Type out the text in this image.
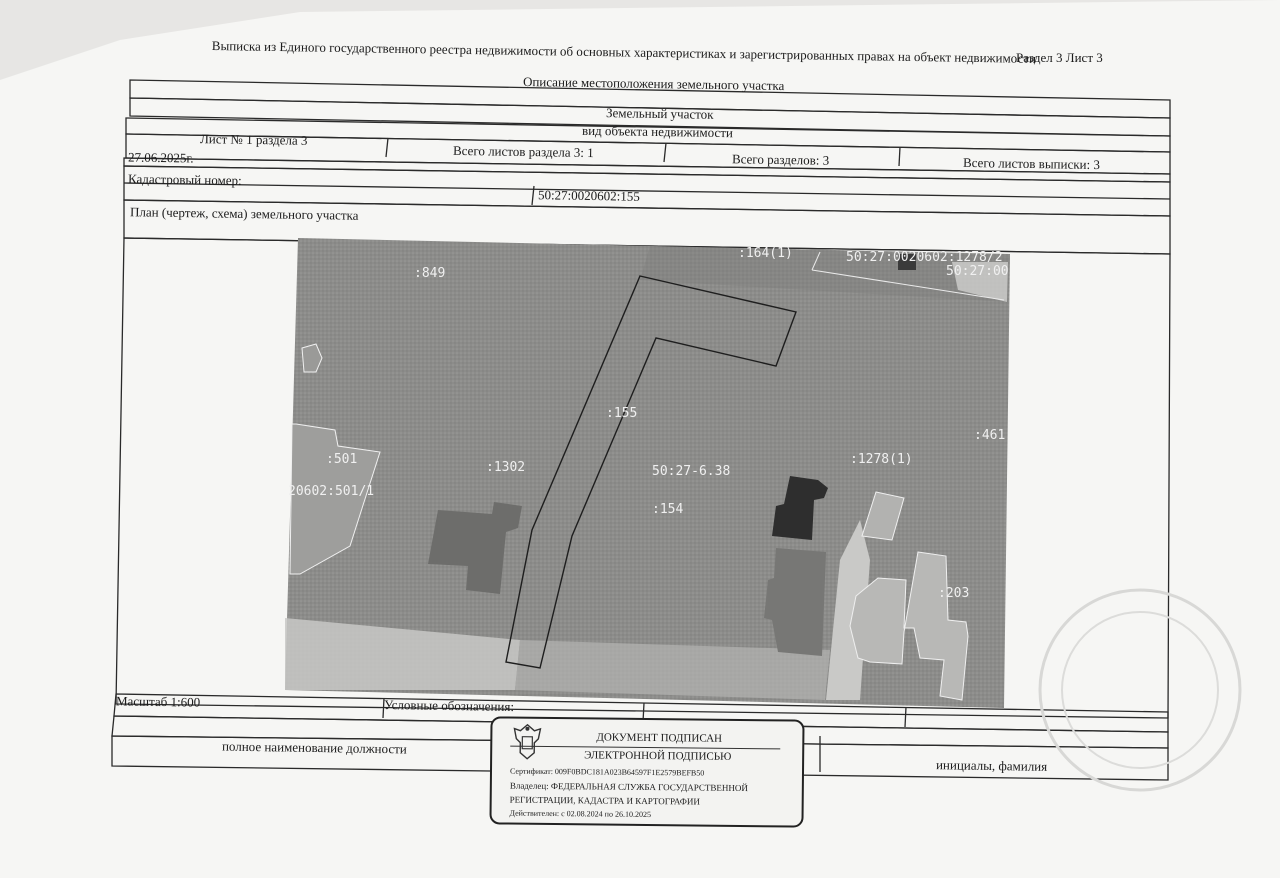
Выписка из Единого государственного реестра недвижимости об основных характеристиках и зарегистрированных правах на объект недвижимости
Раздел 3 Лист 3
Описание местоположения земельного участка
Земельный участок
вид объекта недвижимости
Лист № 1 раздела 3
Всего листов раздела 3: 1	Всего разделов: 3	Всего листов выписки: 3
27.06.2025г.
Кадастровый номер:
50:27:0020602:155
План (чертеж, схема) земельного участка
:849
:155
:501
20602:501/1
:1302	50:27-6.38
:154
:1278(1)
:461
:203
:164(1)	50:27:0020602:1278/2
50:27:00
Масштаб 1:600	Условные обозначения:
полное наименование должности
инициалы, фамилия
ДОКУМЕНТ ПОДПИСАН
ЭЛЕКТРОННОЙ ПОДПИСЬЮ
Сертификат: 009F0BDC181A023B64597F1E2579BEFB50
Владелец: ФЕДЕРАЛЬНАЯ СЛУЖБА ГОСУДАРСТВЕННОЙ
РЕГИСТРАЦИИ, КАДАСТРА И КАРТОГРАФИИ
Действителен: с 02.08.2024 по 26.10.2025
